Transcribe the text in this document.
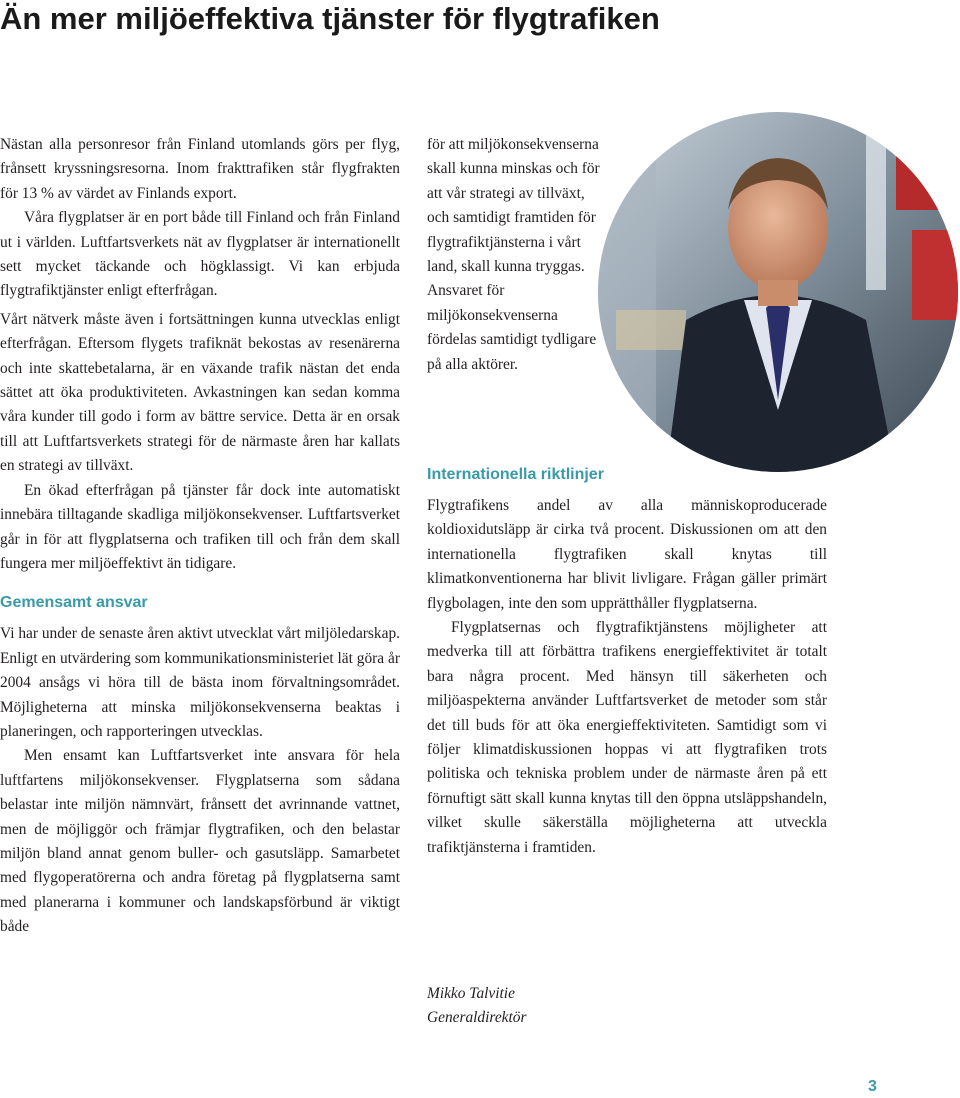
Än mer miljöeffektiva tjänster för flygtrafiken

Nästan alla personresor från Finland utomlands görs per flyg, frånsett kryssningsresorna. Inom frakttrafiken står flygfrakten för 13 % av värdet av Finlands export.

Våra flygplatser är en port både till Finland och från Finland ut i världen. Luftfartsverkets nät av flygplatser är internationellt sett mycket täckande och högklassigt. Vi kan erbjuda flygtrafiktjänster enligt efterfrågan.

Vårt nätverk måste även i fortsättningen kunna utvecklas enligt efterfrågan. Eftersom flygets trafiknät bekostas av resenärerna och inte skattebetalarna, är en växande trafik nästan det enda sättet att öka produktiviteten. Avkastningen kan sedan komma våra kunder till godo i form av bättre service. Detta är en orsak till att Luftfartsverkets strategi för de närmaste åren har kallats en strategi av tillväxt.

En ökad efterfrågan på tjänster får dock inte automatiskt innebära tilltagande skadliga miljökonsekvenser. Luftfartsverket går in för att flygplatserna och trafiken till och från dem skall fungera mer miljöeffektivt än tidigare.

Gemensamt ansvar

Vi har under de senaste åren aktivt utvecklat vårt miljöledarskap. Enligt en utvärdering som kommunikationsministeriet lät göra år 2004 ansågs vi höra till de bästa inom förvaltningsområdet. Möjligheterna att minska miljökonsekvenserna beaktas i planeringen, och rapporteringen utvecklas.

Men ensamt kan Luftfartsverket inte ansvara för hela luftfartens miljökonsekvenser. Flygplatserna som sådana belastar inte miljön nämnvärt, frånsett det avrinnande vattnet, men de möjliggör och främjar flygtrafiken, och den belastar miljön bland annat genom buller- och gasutsläpp. Samarbetet med flygoperatörerna och andra företag på flygplatserna samt med planerarna i kommuner och landskapsförbund är viktigt både

för att miljökonsekvenserna skall kunna minskas och för att vår strategi av tillväxt, och samtidigt framtiden för flygtrafiktjänsterna i vårt land, skall kunna tryggas. Ansvaret för miljökonsekvenserna fördelas samtidigt tydligare på alla aktörer.

Internationella riktlinjer

Flygtrafikens andel av alla människoproducerade koldioxidutsläpp är cirka två procent. Diskussionen om att den internationella flygtrafiken skall knytas till klimatkonventionerna har blivit livligare. Frågan gäller primärt flygbolagen, inte den som upprätthåller flygplatserna.

Flygplatsernas och flygtrafiktjänstens möjligheter att medverka till att förbättra trafikens energieffektivitet är totalt bara några procent. Med hänsyn till säkerheten och miljöaspekterna använder Luftfartsverket de metoder som står det till buds för att öka energieffektiviteten. Samtidigt som vi följer klimatdiskussionen hoppas vi att flygtrafiken trots politiska och tekniska problem under de närmaste åren på ett förnuftigt sätt skall kunna knytas till den öppna utsläppshandeln, vilket skulle säkerställa möjligheterna att utveckla trafiktjänsterna i framtiden.

Mikko Talvitie
Generaldirektör
3
